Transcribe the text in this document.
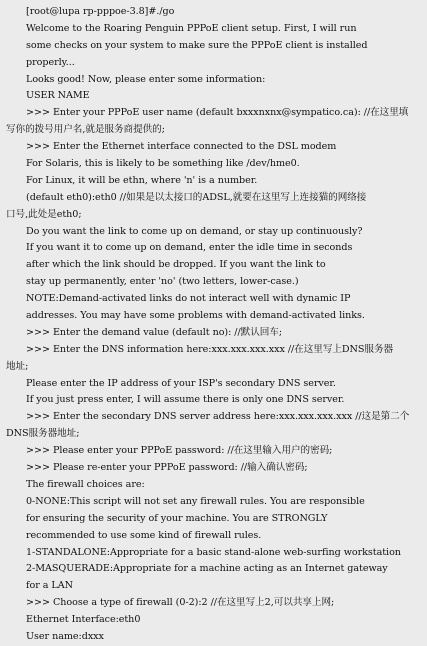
[root@lupa rp-pppoe-3.8]#./go
Welcome to the Roaring Penguin PPPoE client setup. First, I will run
some checks on your system to make sure the PPPoE client is installed
properly...
Looks good! Now, please enter some information:
USER NAME
>>> Enter your PPPoE user name (default bxxxnxnx@sympatico.ca): //在这里填
写你的拨号用户名,就是服务商提供的;
>>> Enter the Ethernet interface connected to the DSL modem
For Solaris, this is likely to be something like /dev/hme0.
For Linux, it will be ethn, where 'n' is a number.
(default eth0):eth0 //如果是以太接口的ADSL,就要在这里写上连接猫的网络接
口号,此处是eth0;
Do you want the link to come up on demand, or stay up continuously?
If you want it to come up on demand, enter the idle time in seconds
after which the link should be dropped. If you want the link to
stay up permanently, enter 'no' (two letters, lower-case.)
NOTE:Demand-activated links do not interact well with dynamic IP
addresses. You may have some problems with demand-activated links.
>>> Enter the demand value (default no): //默认回车;
>>> Enter the DNS information here:xxx.xxx.xxx.xxx //在这里写上DNS服务器
地址;
Please enter the IP address of your ISP's secondary DNS server.
If you just press enter, I will assume there is only one DNS server.
>>> Enter the secondary DNS server address here:xxx.xxx.xxx.xxx //这是第二个
DNS服务器地址;
>>> Please enter your PPPoE password: //在这里输入用户的密码;
>>> Please re-enter your PPPoE password: //输入确认密码;
The firewall choices are:
0-NONE:This script will not set any firewall rules. You are responsible
for ensuring the security of your machine. You are STRONGLY
recommended to use some kind of firewall rules.
1-STANDALONE:Appropriate for a basic stand-alone web-surfing workstation
2-MASQUERADE:Appropriate for a machine acting as an Internet gateway
for a LAN
>>> Choose a type of firewall (0-2):2 //在这里写上2,可以共享上网;
Ethernet Interface:eth0
User name:dxxx
